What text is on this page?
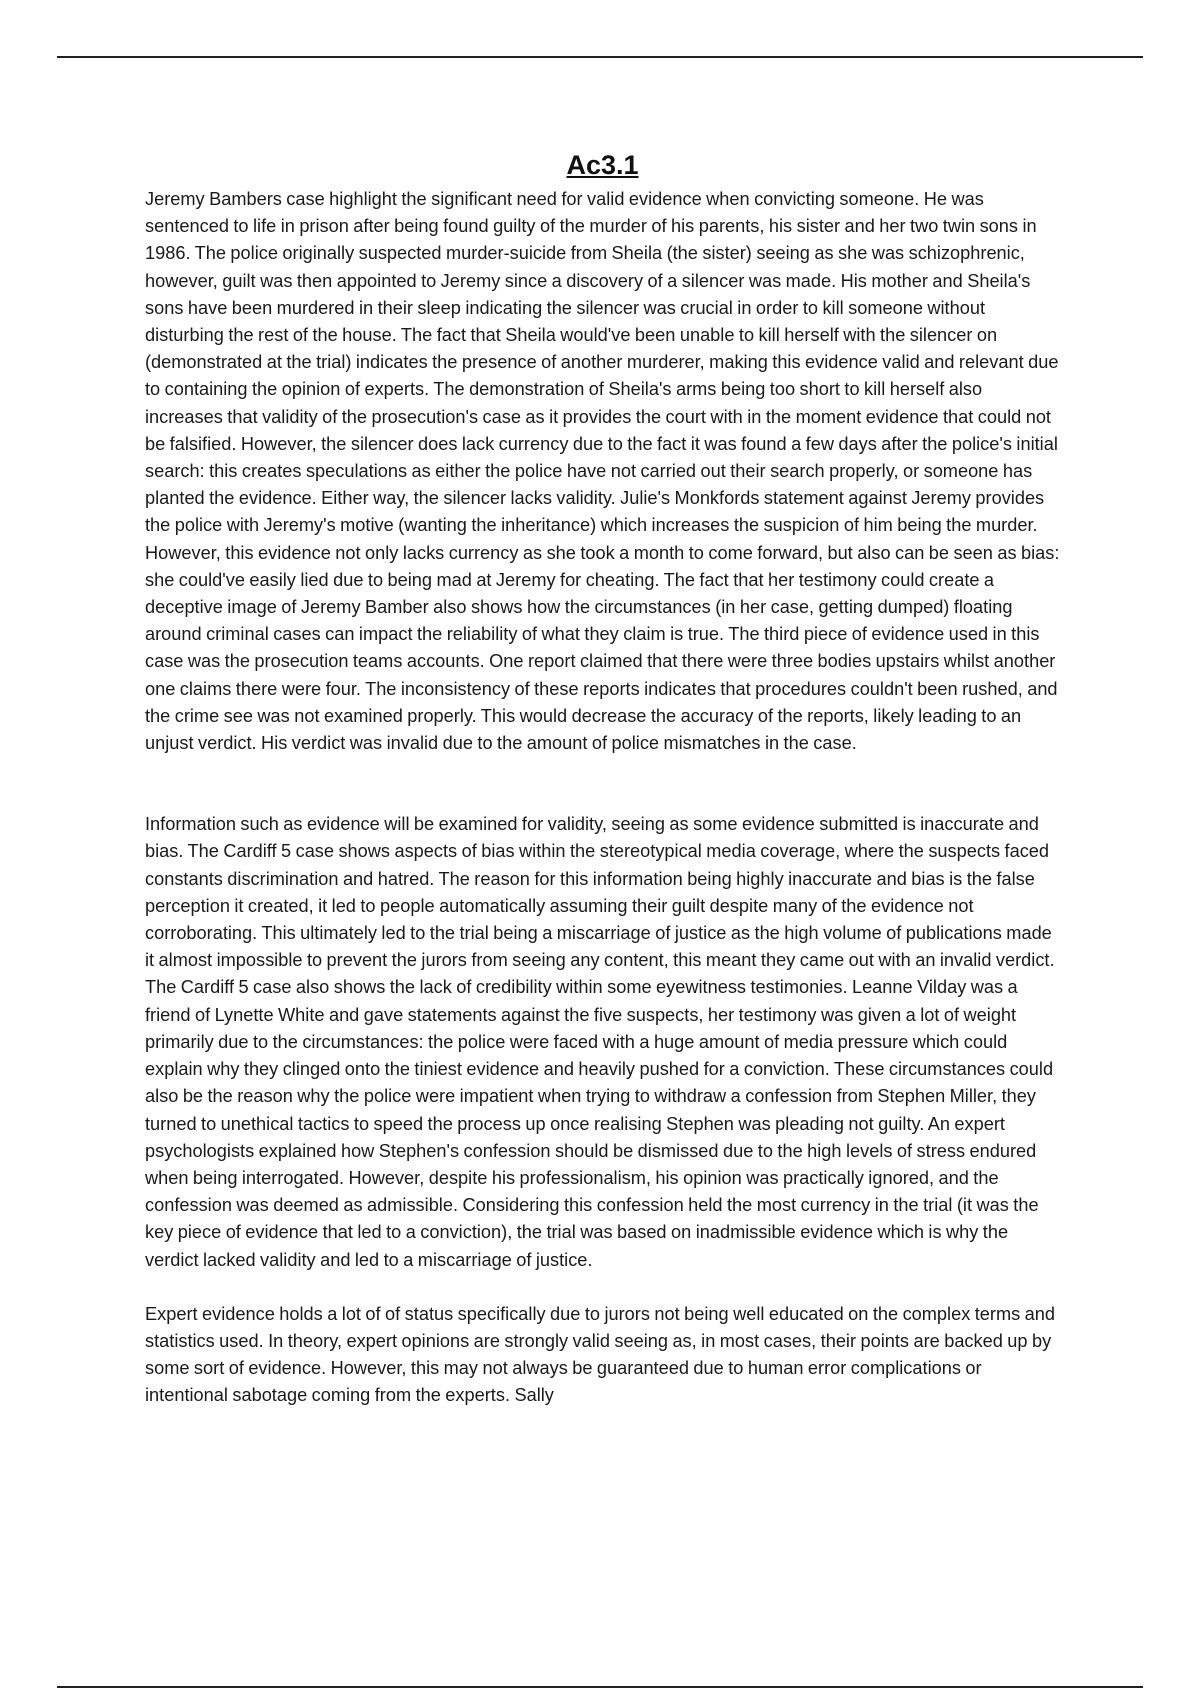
Ac3.1

Jeremy Bambers case highlight the significant need for valid evidence when convicting someone. He was sentenced to life in prison after being found guilty of the murder of his parents, his sister and her two twin sons in 1986. The police originally suspected murder-suicide from Sheila (the sister) seeing as she was schizophrenic, however, guilt was then appointed to Jeremy since a discovery of a silencer was made. His mother and Sheila's sons have been murdered in their sleep indicating the silencer was crucial in order to kill someone without disturbing the rest of the house. The fact that Sheila would've been unable to kill herself with the silencer on (demonstrated at the trial) indicates the presence of another murderer, making this evidence valid and relevant due to containing the opinion of experts. The demonstration of Sheila's arms being too short to kill herself also increases that validity of the prosecution's case as it provides the court with in the moment evidence that could not be falsified. However, the silencer does lack currency due to the fact it was found a few days after the police's initial search: this creates speculations as either the police have not carried out their search properly, or someone has planted the evidence. Either way, the silencer lacks validity. Julie's Monkfords statement against Jeremy provides the police with Jeremy's motive (wanting the inheritance) which increases the suspicion of him being the murder. However, this evidence not only lacks currency as she took a month to come forward, but also can be seen as bias: she could've easily lied due to being mad at Jeremy for cheating. The fact that her testimony could create a deceptive image of Jeremy Bamber also shows how the circumstances (in her case, getting dumped) floating around criminal cases can impact the reliability of what they claim is true. The third piece of evidence used in this case was the prosecution teams accounts. One report claimed that there were three bodies upstairs whilst another one claims there were four. The inconsistency of these reports indicates that procedures couldn't been rushed, and the crime see was not examined properly. This would decrease the accuracy of the reports, likely leading to an unjust verdict. His verdict was invalid due to the amount of police mismatches in the case.

Information such as evidence will be examined for validity, seeing as some evidence submitted is inaccurate and bias. The Cardiff 5 case shows aspects of bias within the stereotypical media coverage, where the suspects faced constants discrimination and hatred. The reason for this information being highly inaccurate and bias is the false perception it created, it led to people automatically assuming their guilt despite many of the evidence not corroborating. This ultimately led to the trial being a miscarriage of justice as the high volume of publications made it almost impossible to prevent the jurors from seeing any content, this meant they came out with an invalid verdict. The Cardiff 5 case also shows the lack of credibility within some eyewitness testimonies. Leanne Vilday was a friend of Lynette White and gave statements against the five suspects, her testimony was given a lot of weight primarily due to the circumstances: the police were faced with a huge amount of media pressure which could explain why they clinged onto the tiniest evidence and heavily pushed for a conviction. These circumstances could also be the reason why the police were impatient when trying to withdraw a confession from Stephen Miller, they turned to unethical tactics to speed the process up once realising Stephen was pleading not guilty. An expert psychologists explained how Stephen's confession should be dismissed due to the high levels of stress endured when being interrogated. However, despite his professionalism, his opinion was practically ignored, and the confession was deemed as admissible. Considering this confession held the most currency in the trial (it was the key piece of evidence that led to a conviction), the trial was based on inadmissible evidence which is why the verdict lacked validity and led to a miscarriage of justice.

Expert evidence holds a lot of of status specifically due to jurors not being well educated on the complex terms and statistics used. In theory, expert opinions are strongly valid seeing as, in most cases, their points are backed up by some sort of evidence. However, this may not always be guaranteed due to human error complications or intentional sabotage coming from the experts. Sally
